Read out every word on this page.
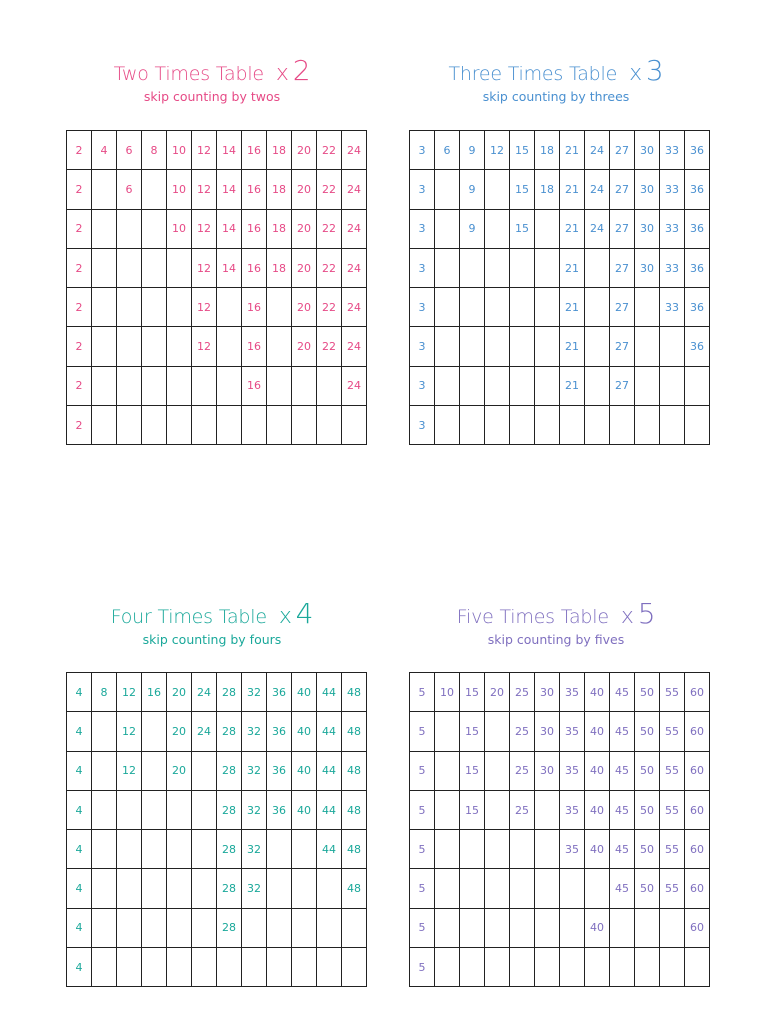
Two Times Table x 2
skip counting by twos
2	4	6	8	10	12	14	16	18	20	22	24
2		6		10	12	14	16	18	20	22	24
2				10	12	14	16	18	20	22	24
2					12	14	16	18	20	22	24
2					12		16		20	22	24
2					12		16		20	22	24
2							16				24
2											
Three Times Table x 3
skip counting by threes
3	6	9	12	15	18	21	24	27	30	33	36
3		9		15	18	21	24	27	30	33	36
3		9		15		21	24	27	30	33	36
3						21		27	30	33	36
3						21		27		33	36
3						21		27			36
3						21		27			
3											
Four Times Table x 4
skip counting by fours
4	8	12	16	20	24	28	32	36	40	44	48
4		12		20	24	28	32	36	40	44	48
4		12		20		28	32	36	40	44	48
4						28	32	36	40	44	48
4						28	32			44	48
4						28	32				48
4						28					
4											
Five Times Table x 5
skip counting by fives
5	10	15	20	25	30	35	40	45	50	55	60
5		15		25	30	35	40	45	50	55	60
5		15		25	30	35	40	45	50	55	60
5		15		25		35	40	45	50	55	60
5						35	40	45	50	55	60
5								45	50	55	60
5							40				60
5											
